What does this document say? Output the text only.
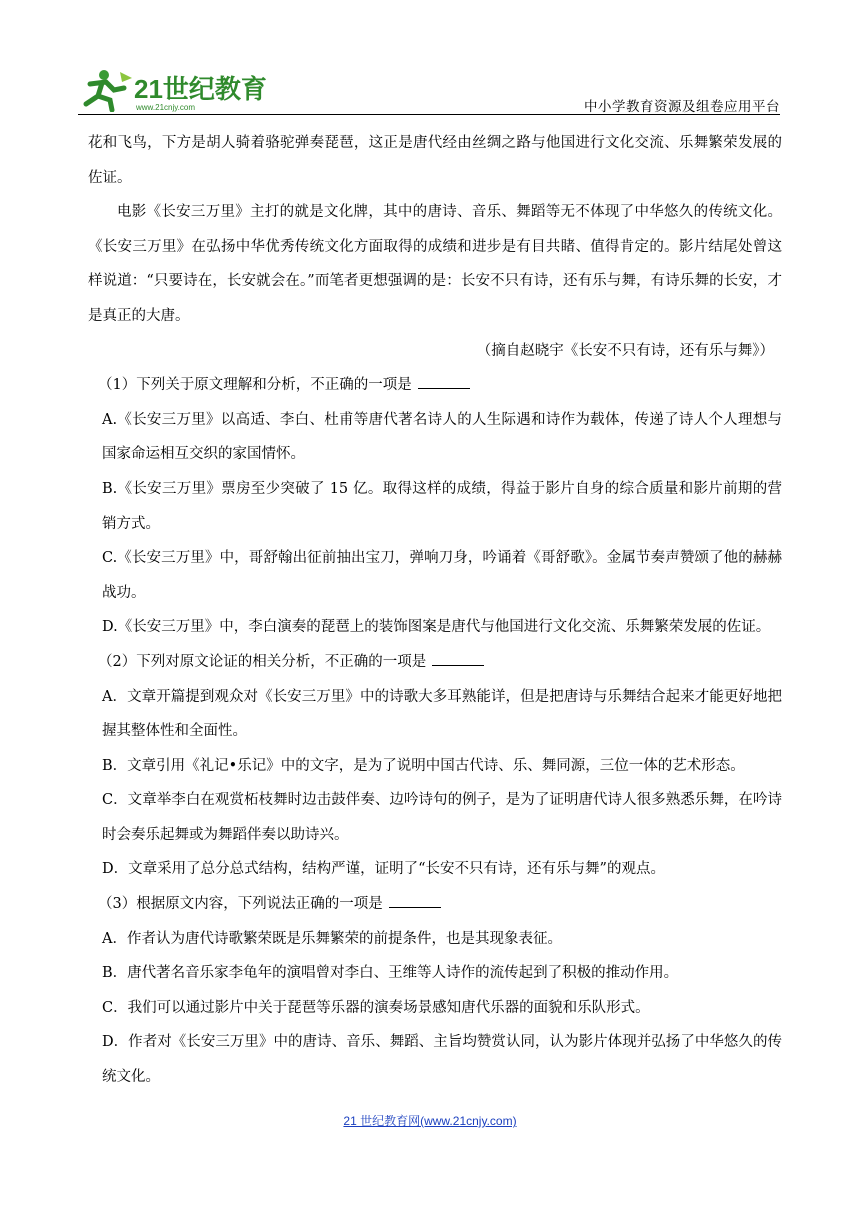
21世纪教育
www.21cnjy.com	中小学教育资源及组卷应用平台

花和飞鸟，下方是胡人骑着骆驼弹奏琵琶，这正是唐代经由丝绸之路与他国进行文化交流、乐舞繁荣发展的佐证。

电影《长安三万里》主打的就是文化牌，其中的唐诗、音乐、舞蹈等无不体现了中华悠久的传统文化。《长安三万里》在弘扬中华优秀传统文化方面取得的成绩和进步是有目共睹、值得肯定的。影片结尾处曾这样说道：“只要诗在，长安就会在。”而笔者更想强调的是：长安不只有诗，还有乐与舞，有诗乐舞的长安，才是真正的大唐。

（摘自赵晓宇《长安不只有诗，还有乐与舞》）

（1）下列关于原文理解和分析，不正确的一项是

A.《长安三万里》以高适、李白、杜甫等唐代著名诗人的人生际遇和诗作为载体，传递了诗人个人理想与国家命运相互交织的家国情怀。

B.《长安三万里》票房至少突破了 15 亿。取得这样的成绩，得益于影片自身的综合质量和影片前期的营销方式。

C.《长安三万里》中，哥舒翰出征前抽出宝刀，弹响刀身，吟诵着《哥舒歌》。金属节奏声赞颂了他的赫赫战功。

D.《长安三万里》中，李白演奏的琵琶上的装饰图案是唐代与他国进行文化交流、乐舞繁荣发展的佐证。

（2）下列对原文论证的相关分析，不正确的一项是

A．文章开篇提到观众对《长安三万里》中的诗歌大多耳熟能详，但是把唐诗与乐舞结合起来才能更好地把握其整体性和全面性。

B．文章引用《礼记•乐记》中的文字，是为了说明中国古代诗、乐、舞同源，三位一体的艺术形态。

C．文章举李白在观赏柘枝舞时边击鼓伴奏、边吟诗句的例子，是为了证明唐代诗人很多熟悉乐舞，在吟诗时会奏乐起舞或为舞蹈伴奏以助诗兴。

D．文章采用了总分总式结构，结构严谨，证明了“长安不只有诗，还有乐与舞”的观点。

（3）根据原文内容，下列说法正确的一项是

A．作者认为唐代诗歌繁荣既是乐舞繁荣的前提条件，也是其现象表征。

B．唐代著名音乐家李龟年的演唱曾对李白、王维等人诗作的流传起到了积极的推动作用。

C．我们可以通过影片中关于琵琶等乐器的演奏场景感知唐代乐器的面貌和乐队形式。

D．作者对《长安三万里》中的唐诗、音乐、舞蹈、主旨均赞赏认同，认为影片体现并弘扬了中华悠久的传统文化。

21 世纪教育网(www.21cnjy.com)
